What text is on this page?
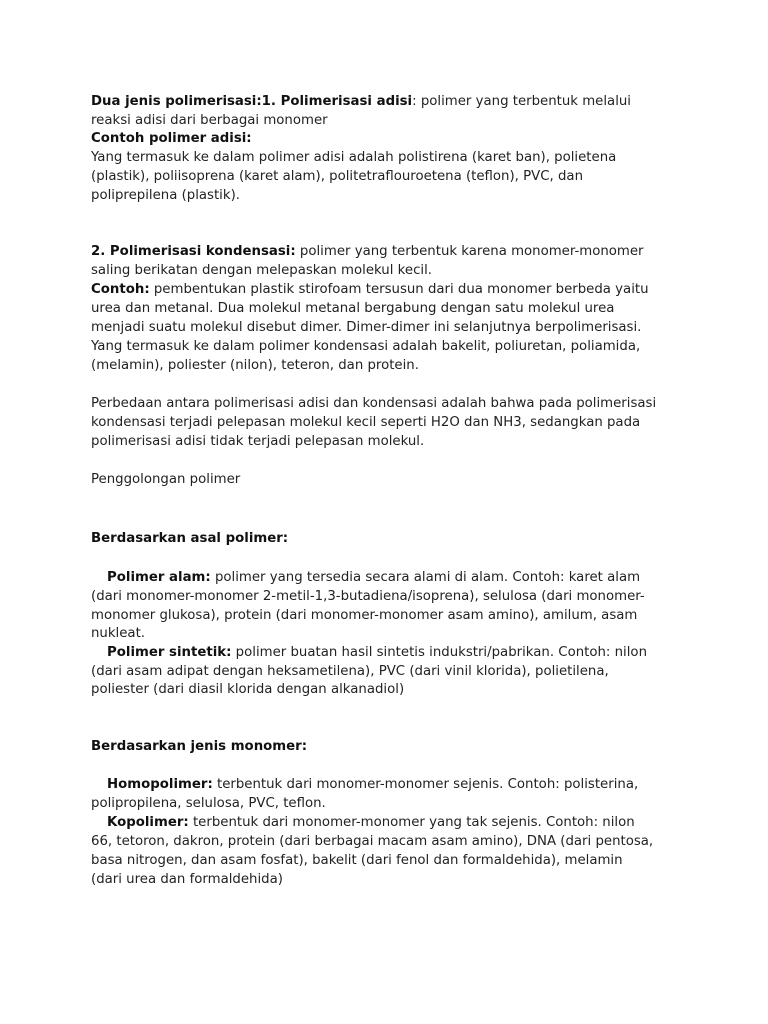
Dua jenis polimerisasi:1. Polimerisasi adisi: polimer yang terbentuk melalui
reaksi adisi dari berbagai monomer
Contoh polimer adisi:
Yang termasuk ke dalam polimer adisi adalah polistirena (karet ban), polietena
(plastik), poliisoprena (karet alam), politetraflouroetena (teflon), PVC, dan
poliprepilena (plastik).
2. Polimerisasi kondensasi: polimer yang terbentuk karena monomer-monomer
saling berikatan dengan melepaskan molekul kecil.
Contoh: pembentukan plastik stirofoam tersusun dari dua monomer berbeda yaitu
urea dan metanal. Dua molekul metanal bergabung dengan satu molekul urea
menjadi suatu molekul disebut dimer. Dimer-dimer ini selanjutnya berpolimerisasi.
Yang termasuk ke dalam polimer kondensasi adalah bakelit, poliuretan, poliamida,
(melamin), poliester (nilon), teteron, dan protein.
Perbedaan antara polimerisasi adisi dan kondensasi adalah bahwa pada polimerisasi
kondensasi terjadi pelepasan molekul kecil seperti H2O dan NH3, sedangkan pada
polimerisasi adisi tidak terjadi pelepasan molekul.
Penggolongan polimer
Berdasarkan asal polimer:
Polimer alam: polimer yang tersedia secara alami di alam. Contoh: karet alam
(dari monomer-monomer 2-metil-1,3-butadiena/isoprena), selulosa (dari monomer-
monomer glukosa), protein (dari monomer-monomer asam amino), amilum, asam
nukleat.
Polimer sintetik: polimer buatan hasil sintetis indukstri/pabrikan. Contoh: nilon
(dari asam adipat dengan heksametilena), PVC (dari vinil klorida), polietilena,
poliester (dari diasil klorida dengan alkanadiol)
Berdasarkan jenis monomer:
Homopolimer: terbentuk dari monomer-monomer sejenis. Contoh: polisterina,
polipropilena, selulosa, PVC, teflon.
Kopolimer: terbentuk dari monomer-monomer yang tak sejenis. Contoh: nilon
66, tetoron, dakron, protein (dari berbagai macam asam amino), DNA (dari pentosa,
basa nitrogen, dan asam fosfat), bakelit (dari fenol dan formaldehida), melamin
(dari urea dan formaldehida)
